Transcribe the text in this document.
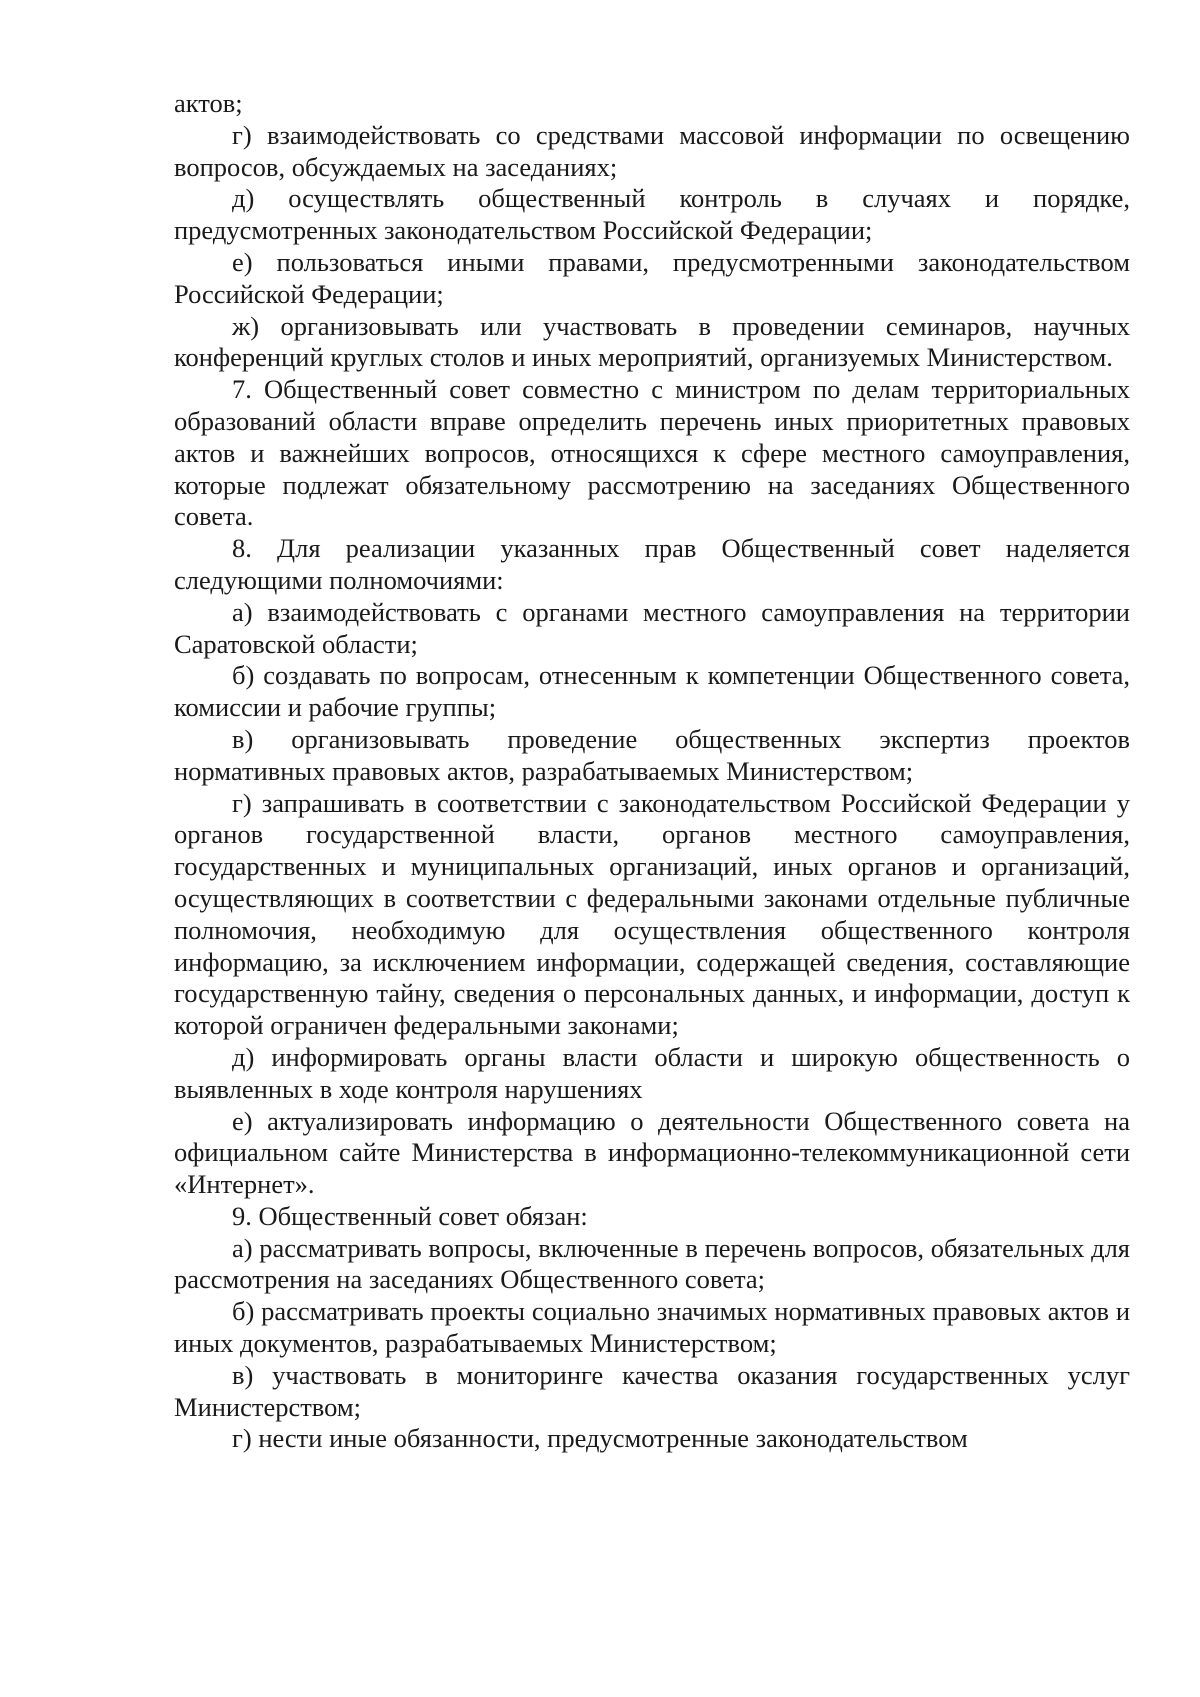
актов;

г) взаимодействовать со средствами массовой информации по освещению вопросов, обсуждаемых на заседаниях;

д) осуществлять общественный контроль в случаях и порядке, предусмотренных законодательством Российской Федерации;

е) пользоваться иными правами, предусмотренными законодательством Российской Федерации;

ж) организовывать или участвовать в проведении семинаров, научных конференций круглых столов и иных мероприятий, организуемых Министерством.

7. Общественный совет совместно с министром по делам территориальных образований области вправе определить перечень иных приоритетных правовых актов и важнейших вопросов, относящихся к сфере местного самоуправления, которые подлежат обязательному рассмотрению на заседаниях Общественного совета.

8. Для реализации указанных прав Общественный совет наделяется следующими полномочиями:

а) взаимодействовать с органами местного самоуправления на территории Саратовской области;

б) создавать по вопросам, отнесенным к компетенции Общественного совета, комиссии и рабочие группы;

в) организовывать проведение общественных экспертиз проектов нормативных правовых актов, разрабатываемых Министерством;

г) запрашивать в соответствии с законодательством Российской Федерации у органов государственной власти, органов местного самоуправления, государственных и муниципальных организаций, иных органов и организаций, осуществляющих в соответствии с федеральными законами отдельные публичные полномочия, необходимую для осуществления общественного контроля информацию, за исключением информации, содержащей сведения, составляющие государственную тайну, сведения о персональных данных, и информации, доступ к которой ограничен федеральными законами;

д) информировать органы власти области и широкую общественность о выявленных в ходе контроля нарушениях

е) актуализировать информацию о деятельности Общественного совета на официальном сайте Министерства в информационно-телекоммуникационной сети «Интернет».

9. Общественный совет обязан:

а) рассматривать вопросы, включенные в перечень вопросов, обязательных для рассмотрения на заседаниях Общественного совета;

б) рассматривать проекты социально значимых нормативных правовых актов и иных документов, разрабатываемых Министерством;

в) участвовать в мониторинге качества оказания государственных услуг Министерством;

г) нести иные обязанности, предусмотренные законодательством
